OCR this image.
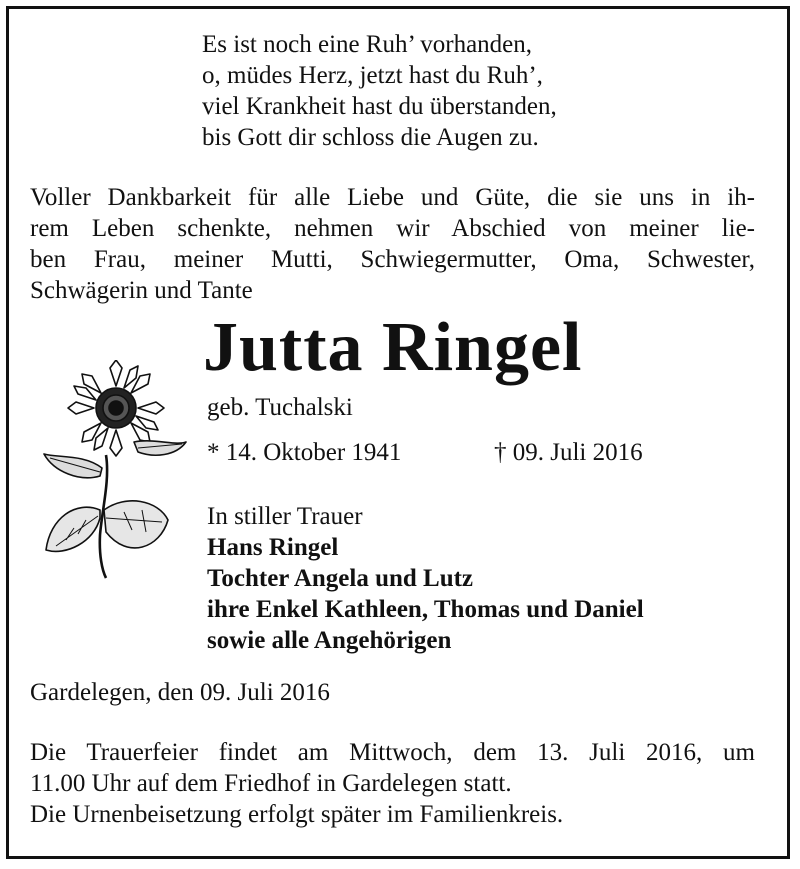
Es ist noch eine Ruh’ vorhanden,
o, müdes Herz, jetzt hast du Ruh’,
viel Krankheit hast du überstanden,
bis Gott dir schloss die Augen zu.
Voller Dankbarkeit für alle Liebe und Güte, die sie uns in ih-
rem Leben schenkte, nehmen wir Abschied von meiner lie-
ben Frau, meiner Mutti, Schwiegermutter, Oma, Schwester,
Schwägerin und Tante
Jutta Ringel
geb. Tuchalski
* 14. Oktober 1941	† 09. Juli 2016
In stiller Trauer
Hans Ringel
Tochter Angela und Lutz
ihre Enkel Kathleen, Thomas und Daniel
sowie alle Angehörigen
Gardelegen, den 09. Juli 2016
Die Trauerfeier findet am Mittwoch, dem 13. Juli 2016, um
11.00 Uhr auf dem Friedhof in Gardelegen statt.
Die Urnenbeisetzung erfolgt später im Familienkreis.
